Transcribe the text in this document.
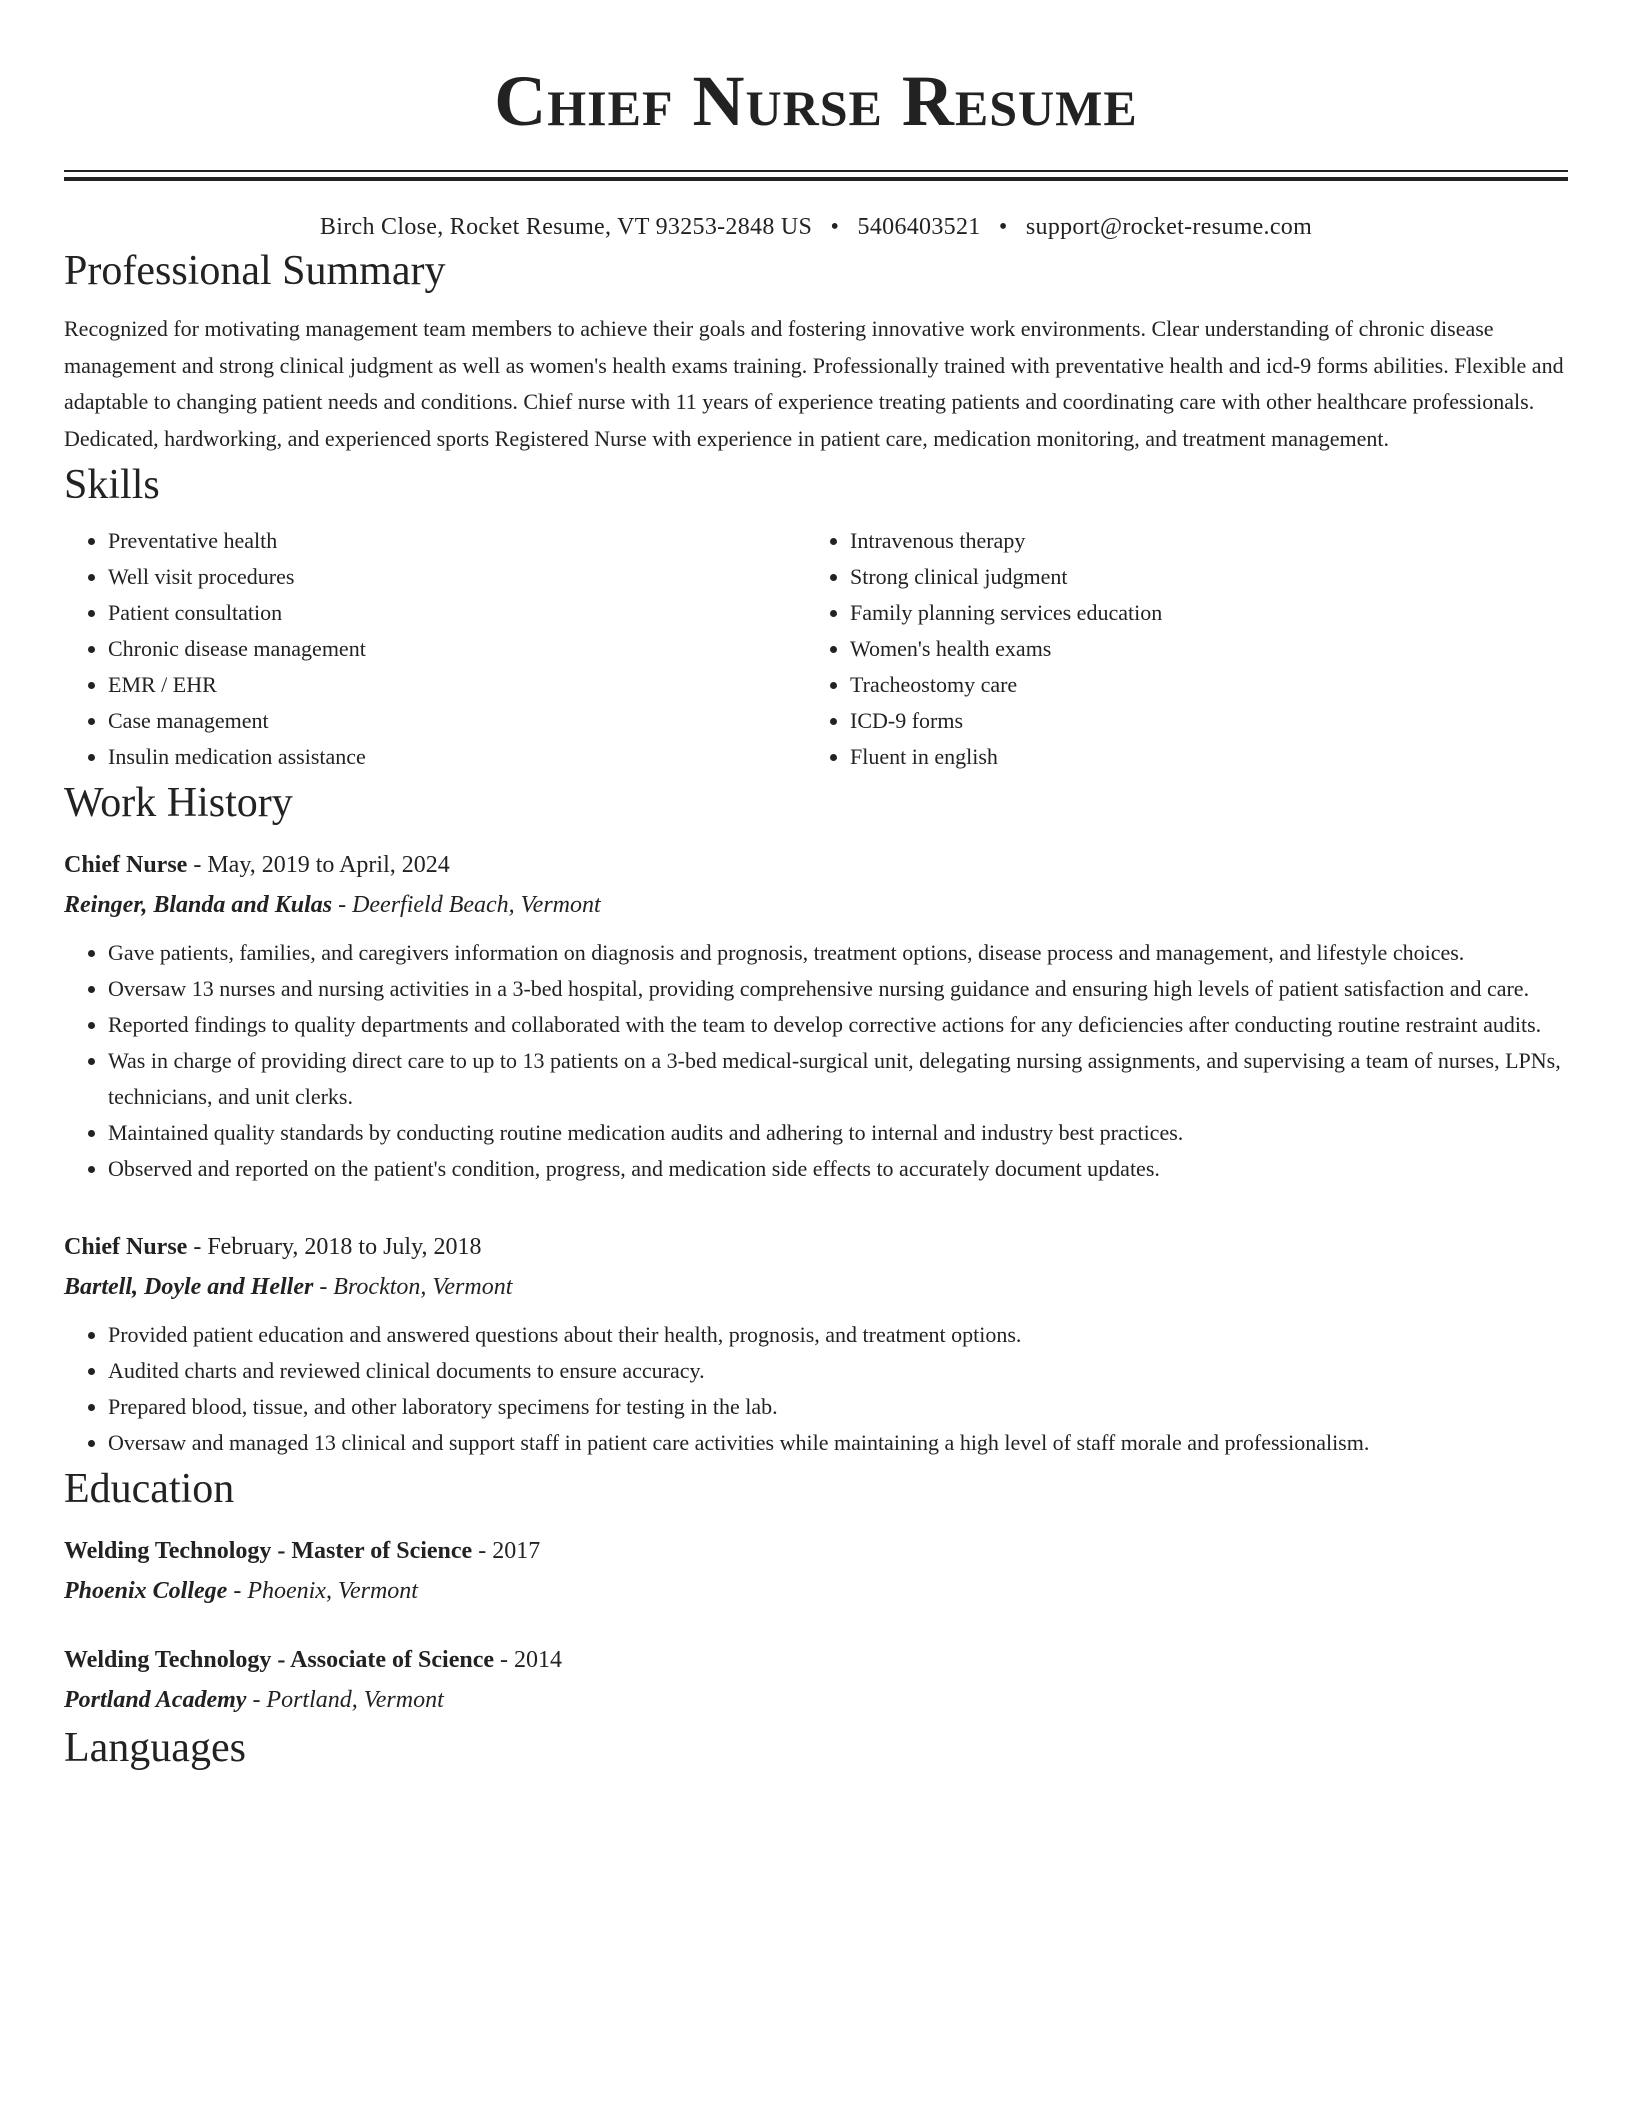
Chief Nurse Resume
Birch Close, Rocket Resume, VT 93253-2848 US • 5406403521 • support@rocket-resume.com
Professional Summary

Recognized for motivating management team members to achieve their goals and fostering innovative work environments. Clear understanding of chronic disease management and strong clinical judgment as well as women's health exams training. Professionally trained with preventative health and icd-9 forms abilities. Flexible and adaptable to changing patient needs and conditions. Chief nurse with 11 years of experience treating patients and coordinating care with other healthcare professionals. Dedicated, hardworking, and experienced sports Registered Nurse with experience in patient care, medication monitoring, and treatment management.

Skills
• Preventative health
• Well visit procedures
• Patient consultation
• Chronic disease management
• EMR / EHR
• Case management
• Insulin medication assistance
• Intravenous therapy
• Strong clinical judgment
• Family planning services education
• Women's health exams
• Tracheostomy care
• ICD-9 forms
• Fluent in english
Work History
Chief Nurse - May, 2019 to April, 2024
Reinger, Blanda and Kulas - Deerfield Beach, Vermont
• Gave patients, families, and caregivers information on diagnosis and prognosis, treatment options, disease process and management, and lifestyle choices.
• Oversaw 13 nurses and nursing activities in a 3-bed hospital, providing comprehensive nursing guidance and ensuring high levels of patient satisfaction and care.
• Reported findings to quality departments and collaborated with the team to develop corrective actions for any deficiencies after conducting routine restraint audits.
• Was in charge of providing direct care to up to 13 patients on a 3-bed medical-surgical unit, delegating nursing assignments, and supervising a team of nurses, LPNs, technicians, and unit clerks.
• Maintained quality standards by conducting routine medication audits and adhering to internal and industry best practices.
• Observed and reported on the patient's condition, progress, and medication side effects to accurately document updates.
Chief Nurse - February, 2018 to July, 2018
Bartell, Doyle and Heller - Brockton, Vermont
• Provided patient education and answered questions about their health, prognosis, and treatment options.
• Audited charts and reviewed clinical documents to ensure accuracy.
• Prepared blood, tissue, and other laboratory specimens for testing in the lab.
• Oversaw and managed 13 clinical and support staff in patient care activities while maintaining a high level of staff morale and professionalism.
Education
Welding Technology - Master of Science - 2017
Phoenix College - Phoenix, Vermont
Welding Technology - Associate of Science - 2014
Portland Academy - Portland, Vermont
Languages
